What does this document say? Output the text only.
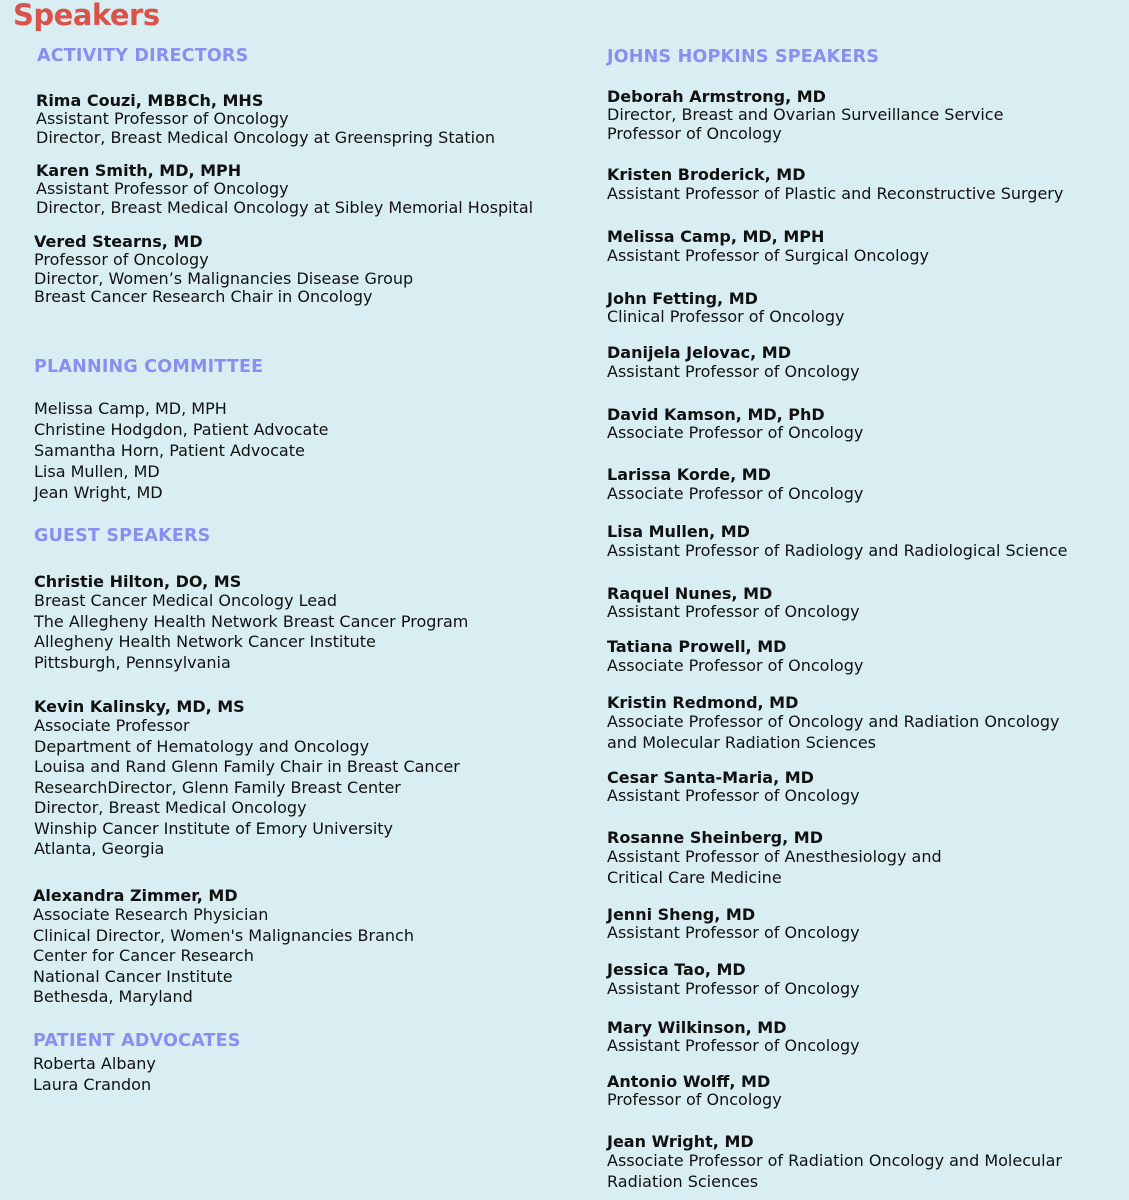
Speakers
ACTIVITY DIRECTORS
Rima Couzi, MBBCh, MHS
Assistant Professor of Oncology
Director, Breast Medical Oncology at Greenspring Station
Karen Smith, MD, MPH
Assistant Professor of Oncology
Director, Breast Medical Oncology at Sibley Memorial Hospital
Vered Stearns, MD
Professor of Oncology
Director, Women’s Malignancies Disease Group
Breast Cancer Research Chair in Oncology
PLANNING COMMITTEE
Melissa Camp, MD, MPH
Christine Hodgdon, Patient Advocate
Samantha Horn, Patient Advocate
Lisa Mullen, MD
Jean Wright, MD
GUEST SPEAKERS
Christie Hilton, DO, MS
Breast Cancer Medical Oncology Lead
The Allegheny Health Network Breast Cancer Program
Allegheny Health Network Cancer Institute
Pittsburgh, Pennsylvania
Kevin Kalinsky, MD, MS
Associate Professor
Department of Hematology and Oncology
Louisa and Rand Glenn Family Chair in Breast Cancer
ResearchDirector, Glenn Family Breast Center
Director, Breast Medical Oncology
Winship Cancer Institute of Emory University
Atlanta, Georgia
Alexandra Zimmer, MD
Associate Research Physician
Clinical Director, Women's Malignancies Branch
Center for Cancer Research
National Cancer Institute
Bethesda, Maryland
PATIENT ADVOCATES
Roberta Albany
Laura Crandon
JOHNS HOPKINS SPEAKERS
Deborah Armstrong, MD
Director, Breast and Ovarian Surveillance Service
Professor of Oncology
Kristen Broderick, MD
Assistant Professor of Plastic and Reconstructive Surgery
Melissa Camp, MD, MPH
Assistant Professor of Surgical Oncology
John Fetting, MD
Clinical Professor of Oncology
Danijela Jelovac, MD
Assistant Professor of Oncology
David Kamson, MD, PhD
Associate Professor of Oncology
Larissa Korde, MD
Associate Professor of Oncology
Lisa Mullen, MD
Assistant Professor of Radiology and Radiological Science
Raquel Nunes, MD
Assistant Professor of Oncology
Tatiana Prowell, MD
Associate Professor of Oncology
Kristin Redmond, MD
Associate Professor of Oncology and Radiation Oncology
and Molecular Radiation Sciences
Cesar Santa-Maria, MD
Assistant Professor of Oncology
Rosanne Sheinberg, MD
Assistant Professor of Anesthesiology and
Critical Care Medicine
Jenni Sheng, MD
Assistant Professor of Oncology
Jessica Tao, MD
Assistant Professor of Oncology
Mary Wilkinson, MD
Assistant Professor of Oncology
Antonio Wolff, MD
Professor of Oncology
Jean Wright, MD
Associate Professor of Radiation Oncology and Molecular
Radiation Sciences
